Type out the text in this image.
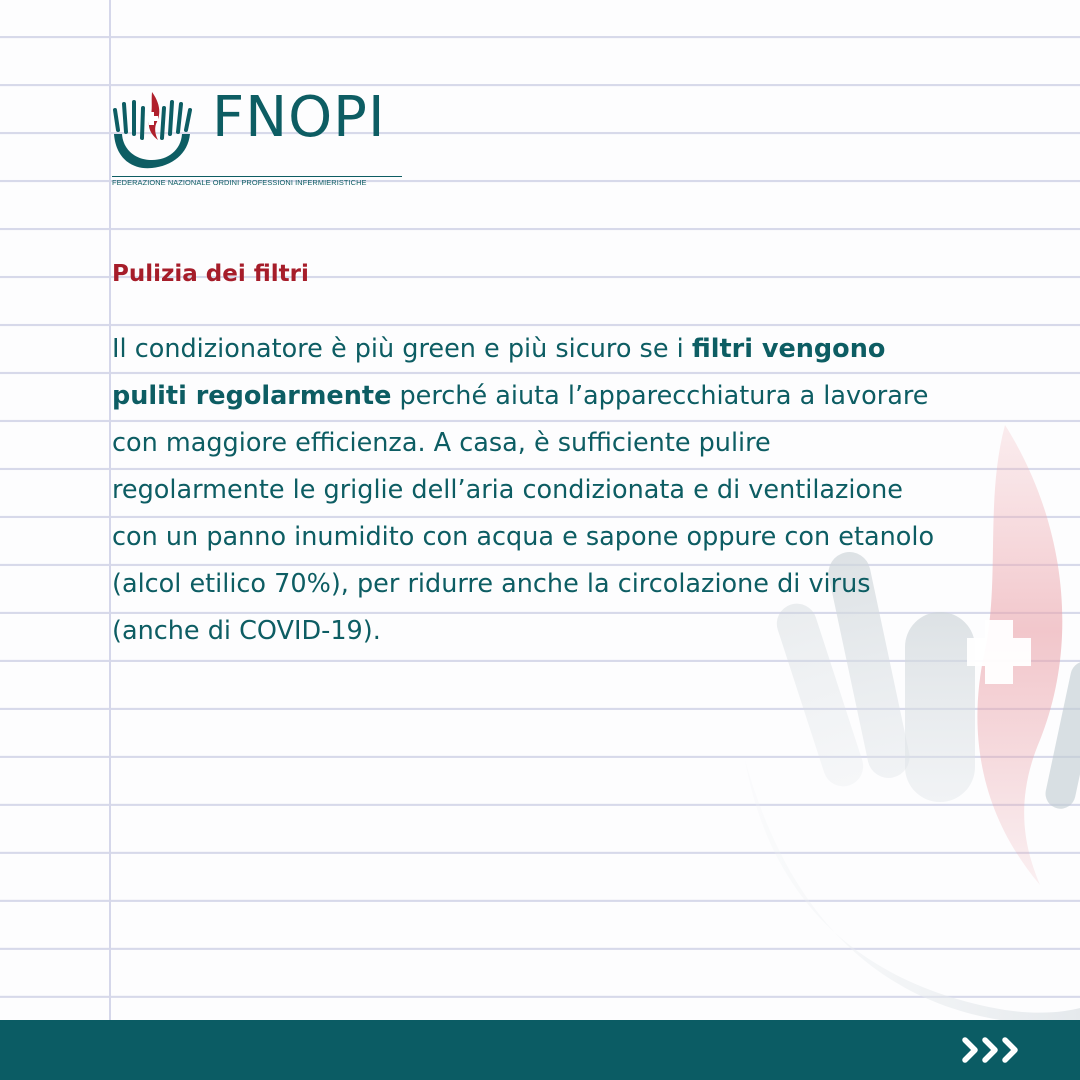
FNOPI
FEDERAZIONE NAZIONALE ORDINI PROFESSIONI INFERMIERISTICHE
Pulizia dei filtri

Il condizionatore è più green e più sicuro se i filtri vengono puliti regolarmente perché aiuta l’apparecchiatura a lavorare con maggiore efficienza. A casa, è sufficiente pulire regolarmente le griglie dell’aria condizionata e di ventilazione con un panno inumidito con acqua e sapone oppure con etanolo (alcol etilico 70%), per ridurre anche la circolazione di virus (anche di COVID-19).
